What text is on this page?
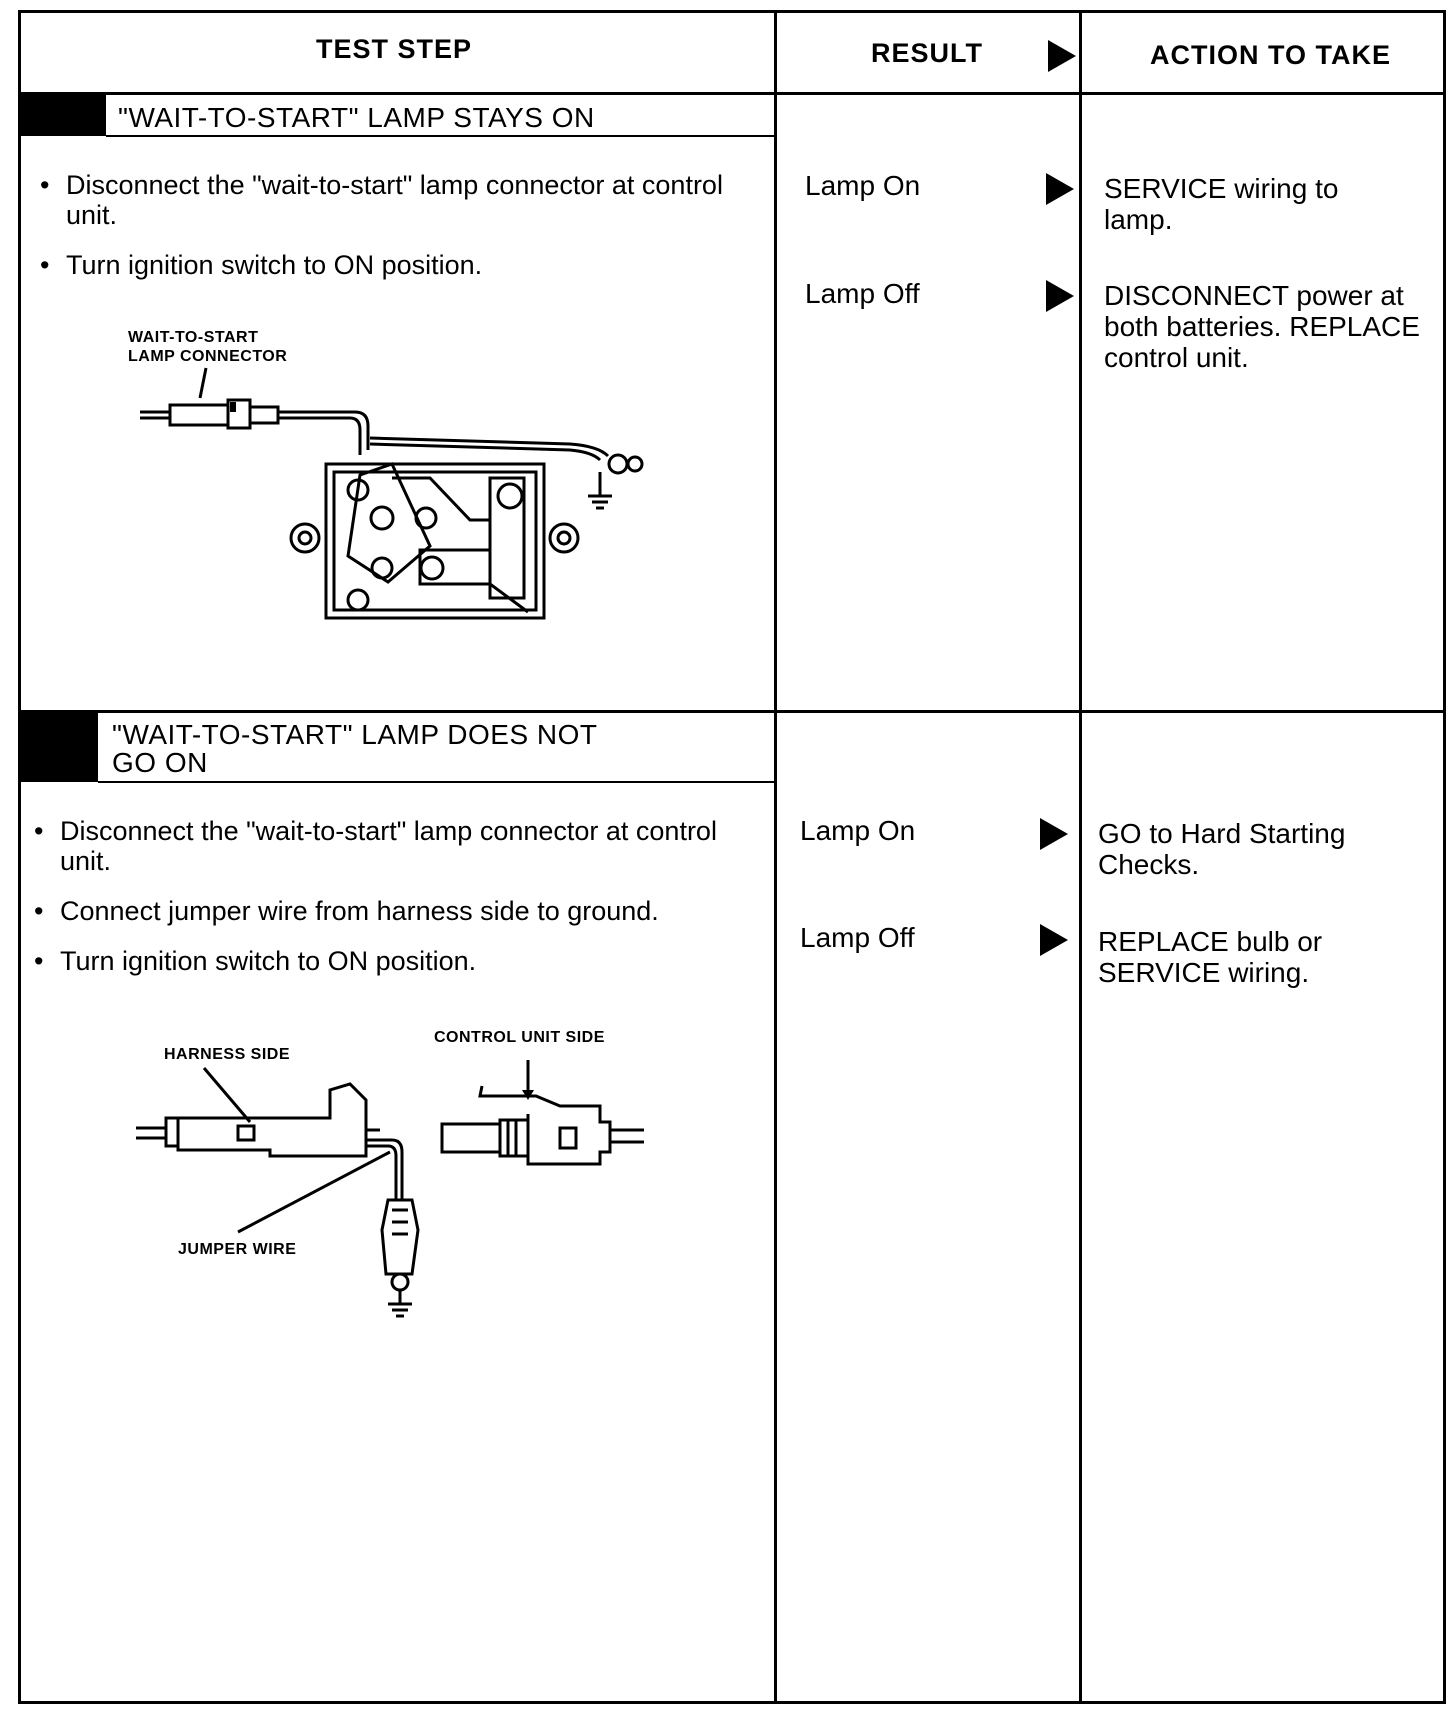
TEST STEP	RESULT	ACTION TO TAKE
"WAIT-TO-START" LAMP STAYS ON
• Disconnect the "wait-to-start" lamp connector at control unit.
• Turn ignition switch to ON position.
WAIT-TO-START LAMP CONNECTOR
Lamp On	SERVICE wiring to lamp.
Lamp Off	DISCONNECT power at both batteries. REPLACE control unit.
"WAIT-TO-START" LAMP DOES NOT
GO ON
• Disconnect the "wait-to-start" lamp connector at control unit.
• Connect jumper wire from harness side to ground.
• Turn ignition switch to ON position.
HARNESS SIDE
CONTROL UNIT SIDE
JUMPER WIRE
Lamp On	GO to Hard Starting Checks.
Lamp Off	REPLACE bulb or SERVICE wiring.
